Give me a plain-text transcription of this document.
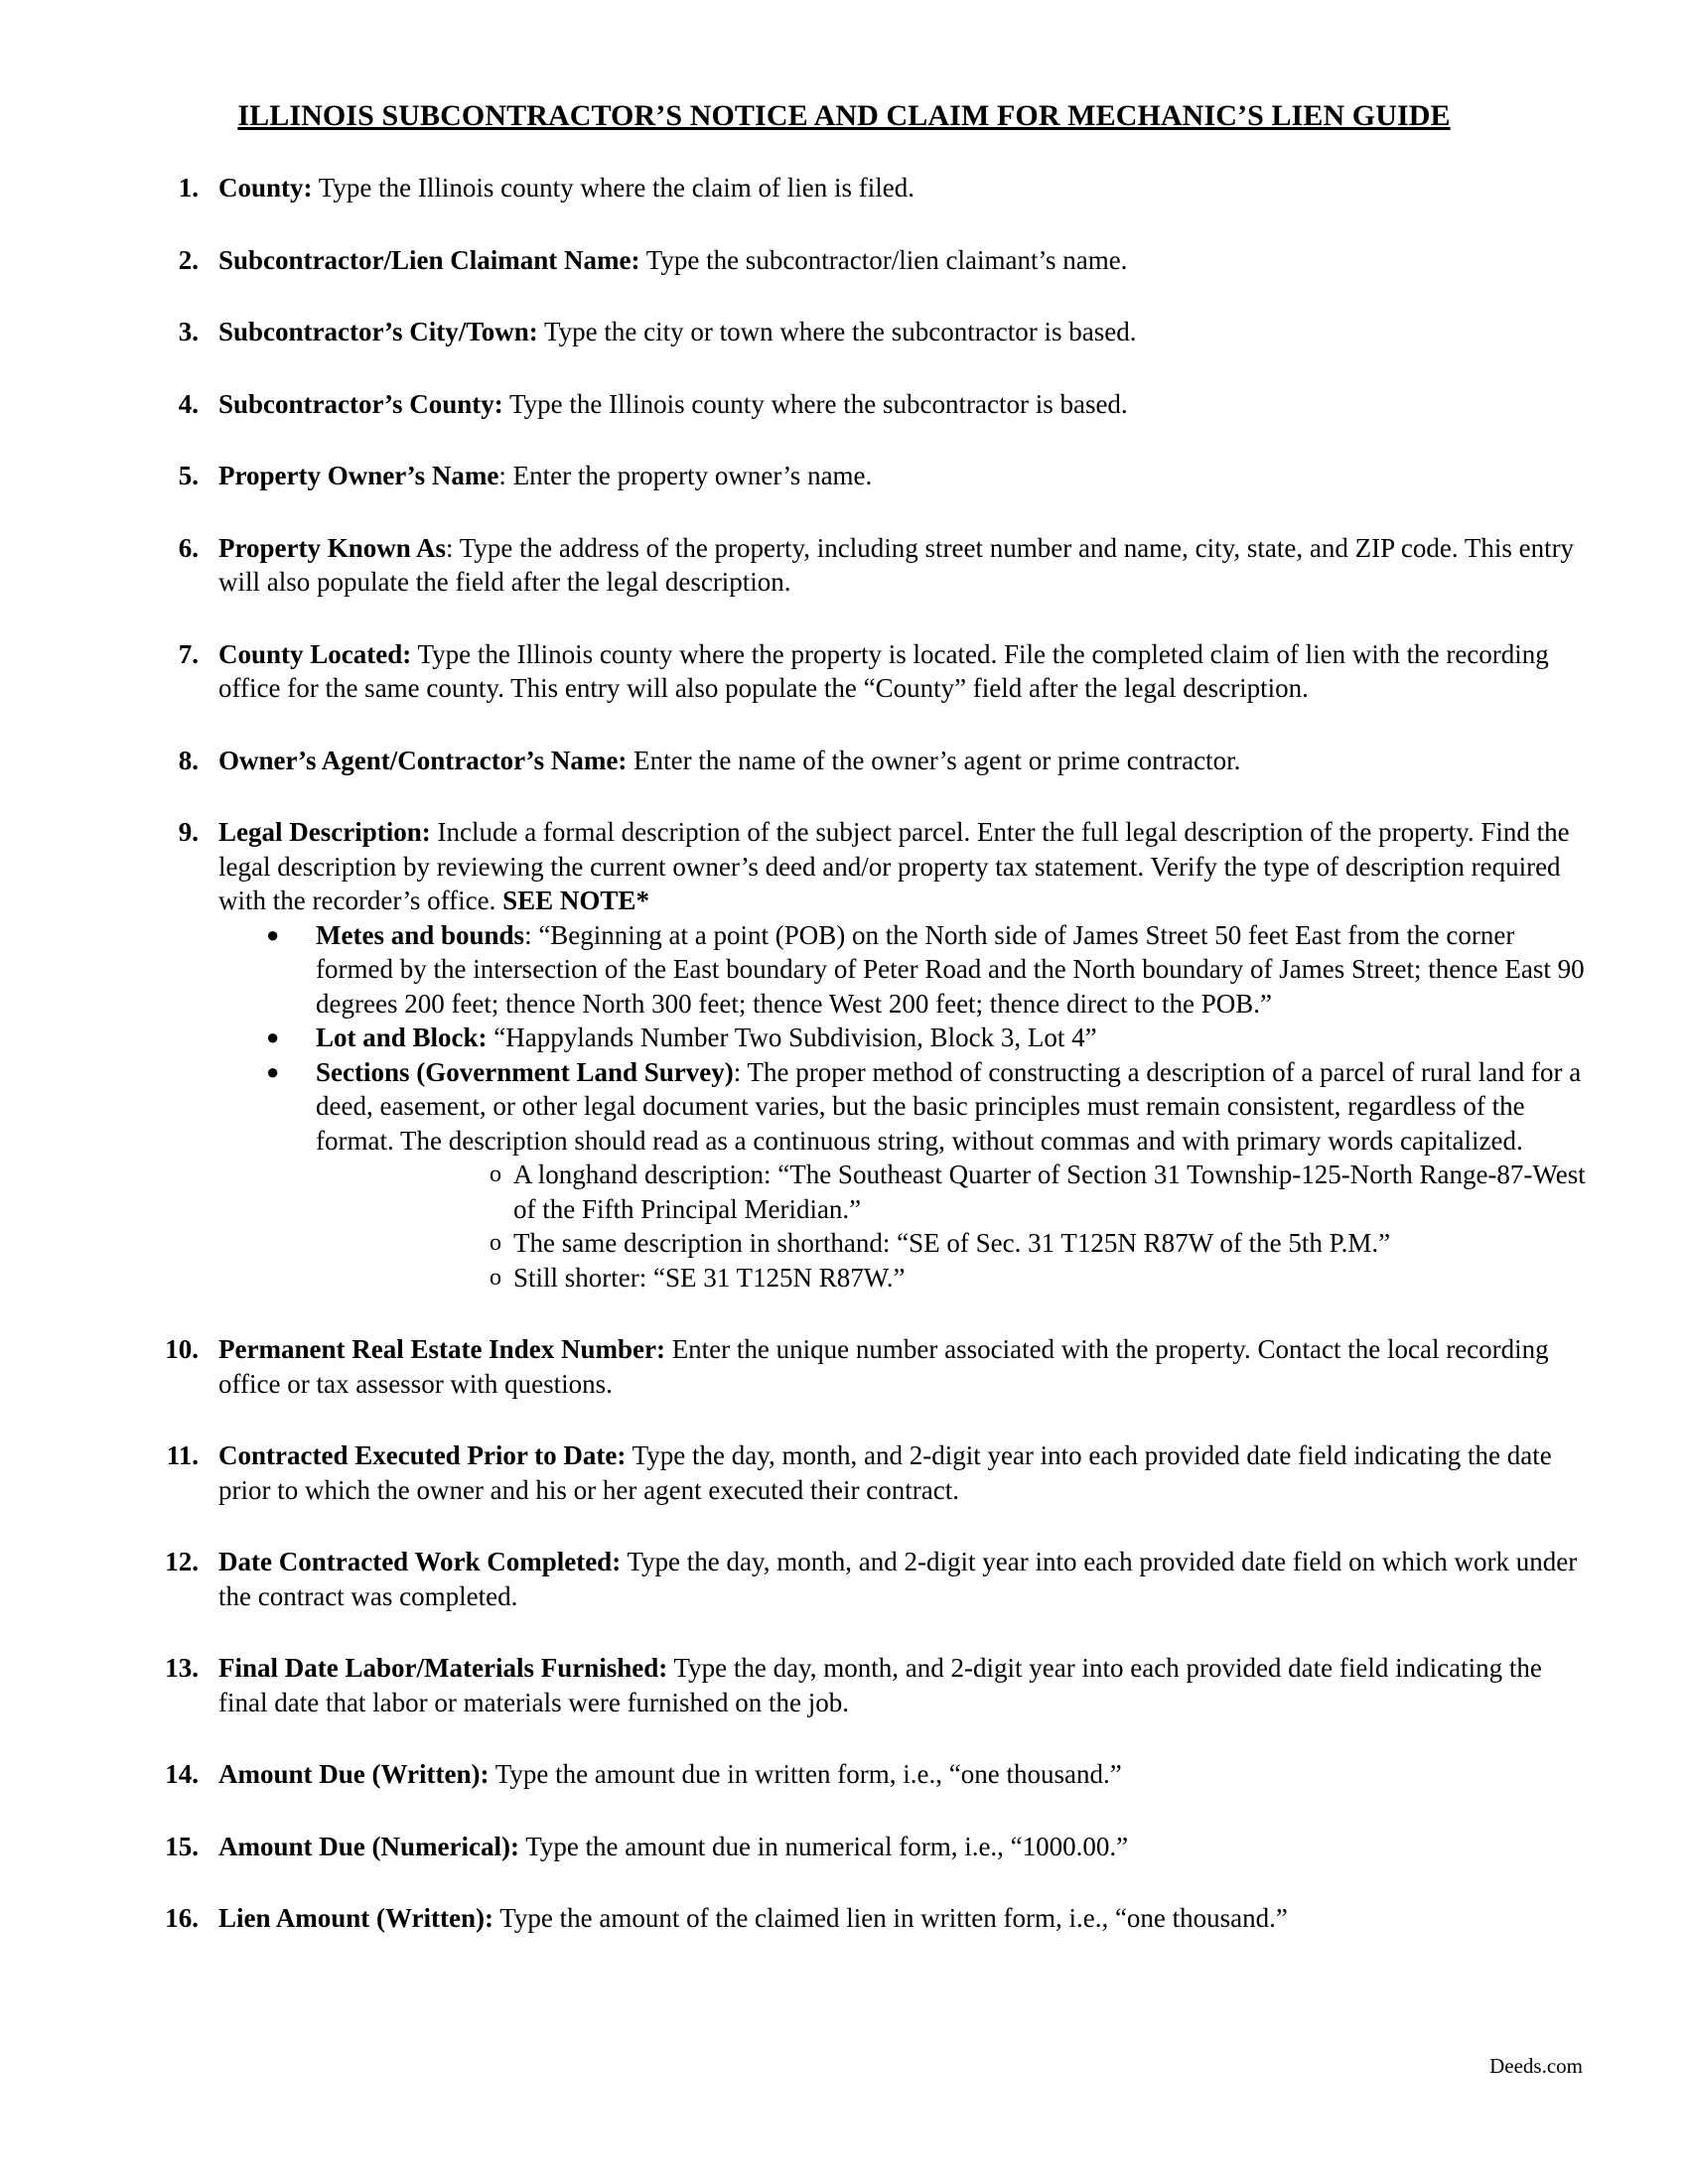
ILLINOIS SUBCONTRACTOR’S NOTICE AND CLAIM FOR MECHANIC’S LIEN GUIDE
1. County: Type the Illinois county where the claim of lien is filed.
2. Subcontractor/Lien Claimant Name: Type the subcontractor/lien claimant’s name.
3. Subcontractor’s City/Town: Type the city or town where the subcontractor is based.
4. Subcontractor’s County: Type the Illinois county where the subcontractor is based.
5. Property Owner’s Name: Enter the property owner’s name.
6. Property Known As: Type the address of the property, including street number and name, city, state, and ZIP code. This entry will also populate the field after the legal description.
7. County Located: Type the Illinois county where the property is located. File the completed claim of lien with the recording office for the same county. This entry will also populate the “County” field after the legal description.
8. Owner’s Agent/Contractor’s Name: Enter the name of the owner’s agent or prime contractor.
9. Legal Description: Include a formal description of the subject parcel. Enter the full legal description of the property. Find the legal description by reviewing the current owner’s deed and/or property tax statement. Verify the type of description required with the recorder’s office. SEE NOTE*
● Metes and bounds: “Beginning at a point (POB) on the North side of James Street 50 feet East from the corner formed by the intersection of the East boundary of Peter Road and the North boundary of James Street; thence East 90 degrees 200 feet; thence North 300 feet; thence West 200 feet; thence direct to the POB.”
● Lot and Block: “Happylands Number Two Subdivision, Block 3, Lot 4”
● Sections (Government Land Survey): The proper method of constructing a description of a parcel of rural land for a deed, easement, or other legal document varies, but the basic principles must remain consistent, regardless of the format. The description should read as a continuous string, without commas and with primary words capitalized.
o A longhand description: “The Southeast Quarter of Section 31 Township-125-North Range-87-West of the Fifth Principal Meridian.”
o The same description in shorthand: “SE of Sec. 31 T125N R87W of the 5th P.M.”
o Still shorter: “SE 31 T125N R87W.”
10. Permanent Real Estate Index Number: Enter the unique number associated with the property. Contact the local recording office or tax assessor with questions.
11. Contracted Executed Prior to Date: Type the day, month, and 2-digit year into each provided date field indicating the date prior to which the owner and his or her agent executed their contract.
12. Date Contracted Work Completed: Type the day, month, and 2-digit year into each provided date field on which work under the contract was completed.
13. Final Date Labor/Materials Furnished: Type the day, month, and 2-digit year into each provided date field indicating the final date that labor or materials were furnished on the job.
14. Amount Due (Written): Type the amount due in written form, i.e., “one thousand.”
15. Amount Due (Numerical): Type the amount due in numerical form, i.e., “1000.00.”
16. Lien Amount (Written): Type the amount of the claimed lien in written form, i.e., “one thousand.”
Deeds.com
